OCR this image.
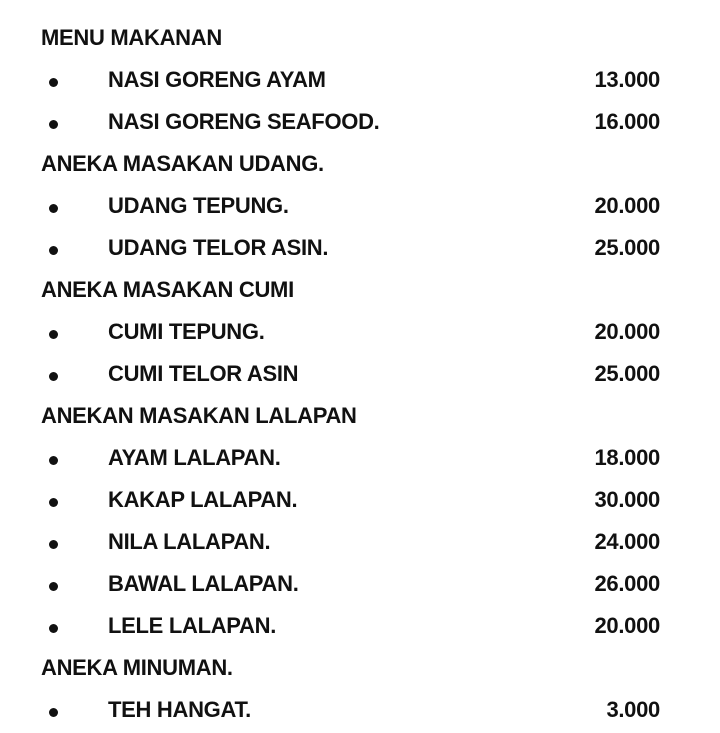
MENU MAKANAN
NASI GORENG AYAM	13.000
NASI GORENG SEAFOOD.	16.000
ANEKA MASAKAN UDANG.
UDANG TEPUNG.	20.000
UDANG TELOR ASIN.	25.000
ANEKA MASAKAN CUMI
CUMI TEPUNG.	20.000
CUMI TELOR ASIN	25.000
ANEKAN MASAKAN LALAPAN
AYAM LALAPAN.	18.000
KAKAP LALAPAN.	30.000
NILA LALAPAN.	24.000
BAWAL LALAPAN.	26.000
LELE LALAPAN.	20.000
ANEKA MINUMAN.
TEH HANGAT.	3.000
